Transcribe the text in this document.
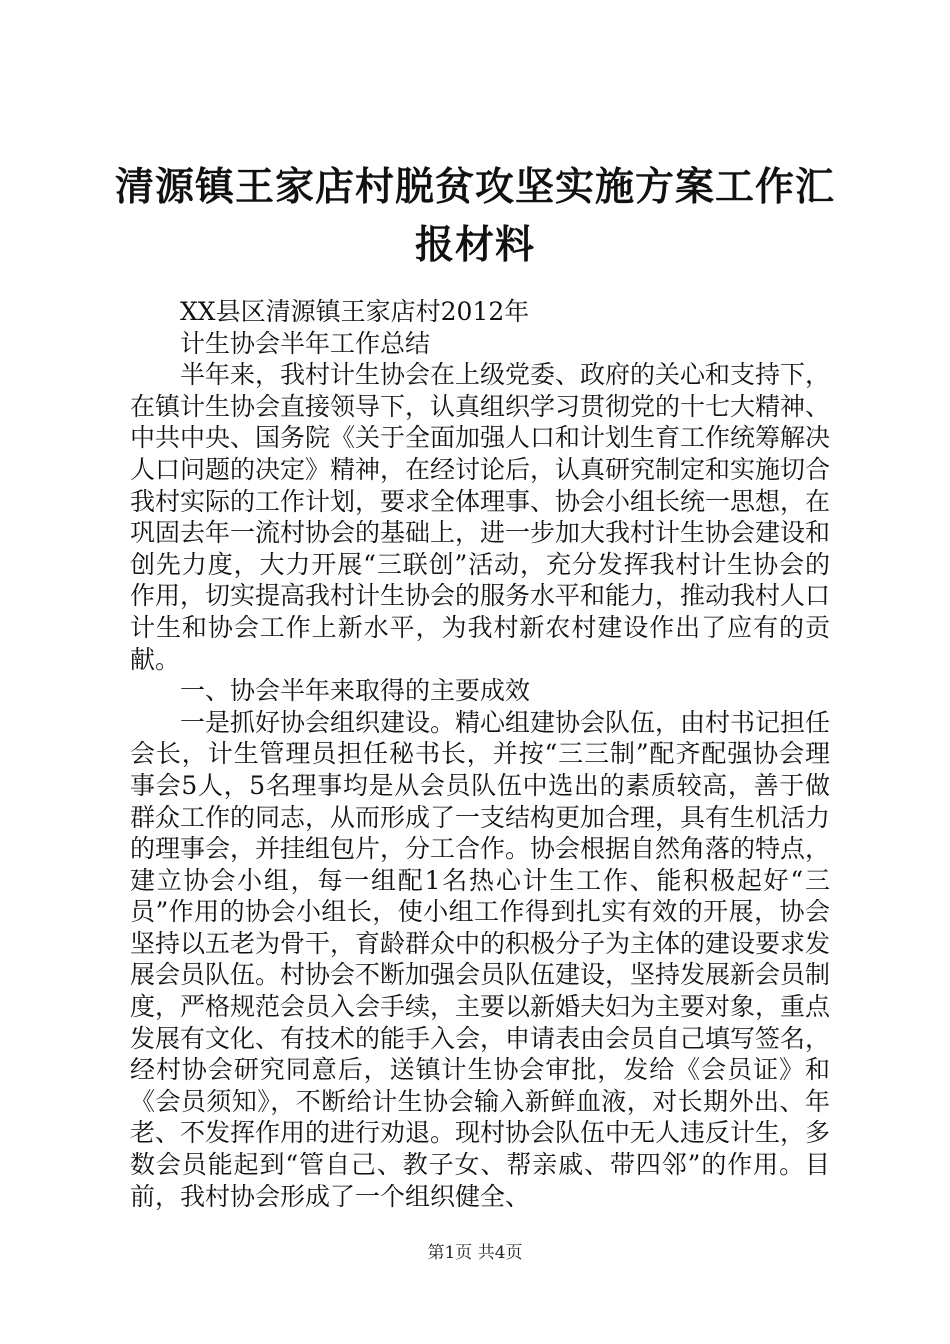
清源镇王家店村脱贫攻坚实施方案工作汇报材料

XX县区清源镇王家店村2012年

计生协会半年工作总结

半年来，我村计生协会在上级党委、政府的关心和支持下，在镇计生协会直接领导下，认真组织学习贯彻党的十七大精神、中共中央、国务院《关于全面加强人口和计划生育工作统筹解决人口问题的决定》精神，在经讨论后，认真研究制定和实施切合我村实际的工作计划，要求全体理事、协会小组长统一思想，在巩固去年一流村协会的基础上，进一步加大我村计生协会建设和创先力度，大力开展“三联创”活动，充分发挥我村计生协会的作用，切实提高我村计生协会的服务水平和能力，推动我村人口计生和协会工作上新水平，为我村新农村建设作出了应有的贡献。

一、协会半年来取得的主要成效

一是抓好协会组织建设。精心组建协会队伍，由村书记担任会长，计生管理员担任秘书长，并按“三三制”配齐配强协会理事会5人，5名理事均是从会员队伍中选出的素质较高，善于做群众工作的同志，从而形成了一支结构更加合理，具有生机活力的理事会，并挂组包片，分工合作。协会根据自然角落的特点，建立协会小组，每一组配1名热心计生工作、能积极起好“三员”作用的协会小组长，使小组工作得到扎实有效的开展，协会坚持以五老为骨干，育龄群众中的积极分子为主体的建设要求发展会员队伍。村协会不断加强会员队伍建设，坚持发展新会员制度，严格规范会员入会手续，主要以新婚夫妇为主要对象，重点发展有文化、有技术的能手入会，申请表由会员自己填写签名，经村协会研究同意后，送镇计生协会审批，发给《会员证》和《会员须知》，不断给计生协会输入新鲜血液，对长期外出、年老、不发挥作用的进行劝退。现村协会队伍中无人违反计生，多数会员能起到“管自己、教子女、帮亲戚、带四邻”的作用。目前，我村协会形成了一个组织健全、

第1页 共4页
